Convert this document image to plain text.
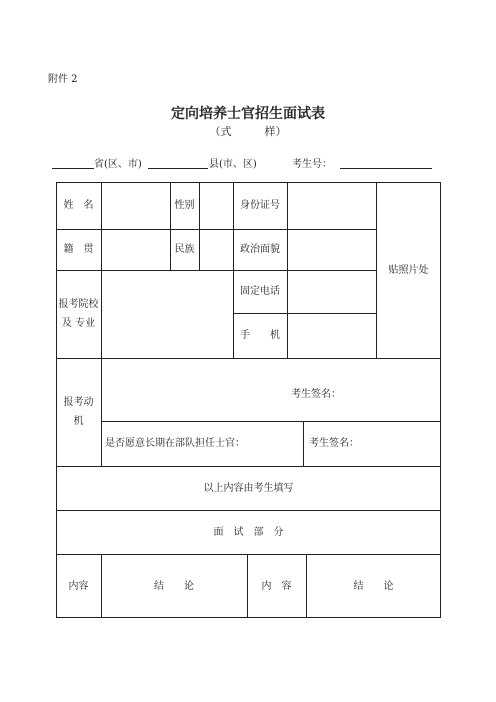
附件 2
定向培养士官招生面试表
（式　　　样）
省(区、市)	县(市、区)	考生号：
姓　名	性别	身份证号
贴照片处
籍　贯	民族	政治面貌
报考院校及 专业
固定电话
手　　机
报考动机
考生签名：
是否愿意长期在部队担任士官：	考生签名：
以上内容由考生填写
面　试　部　分
内容	结　　论	内　容	结　　论
